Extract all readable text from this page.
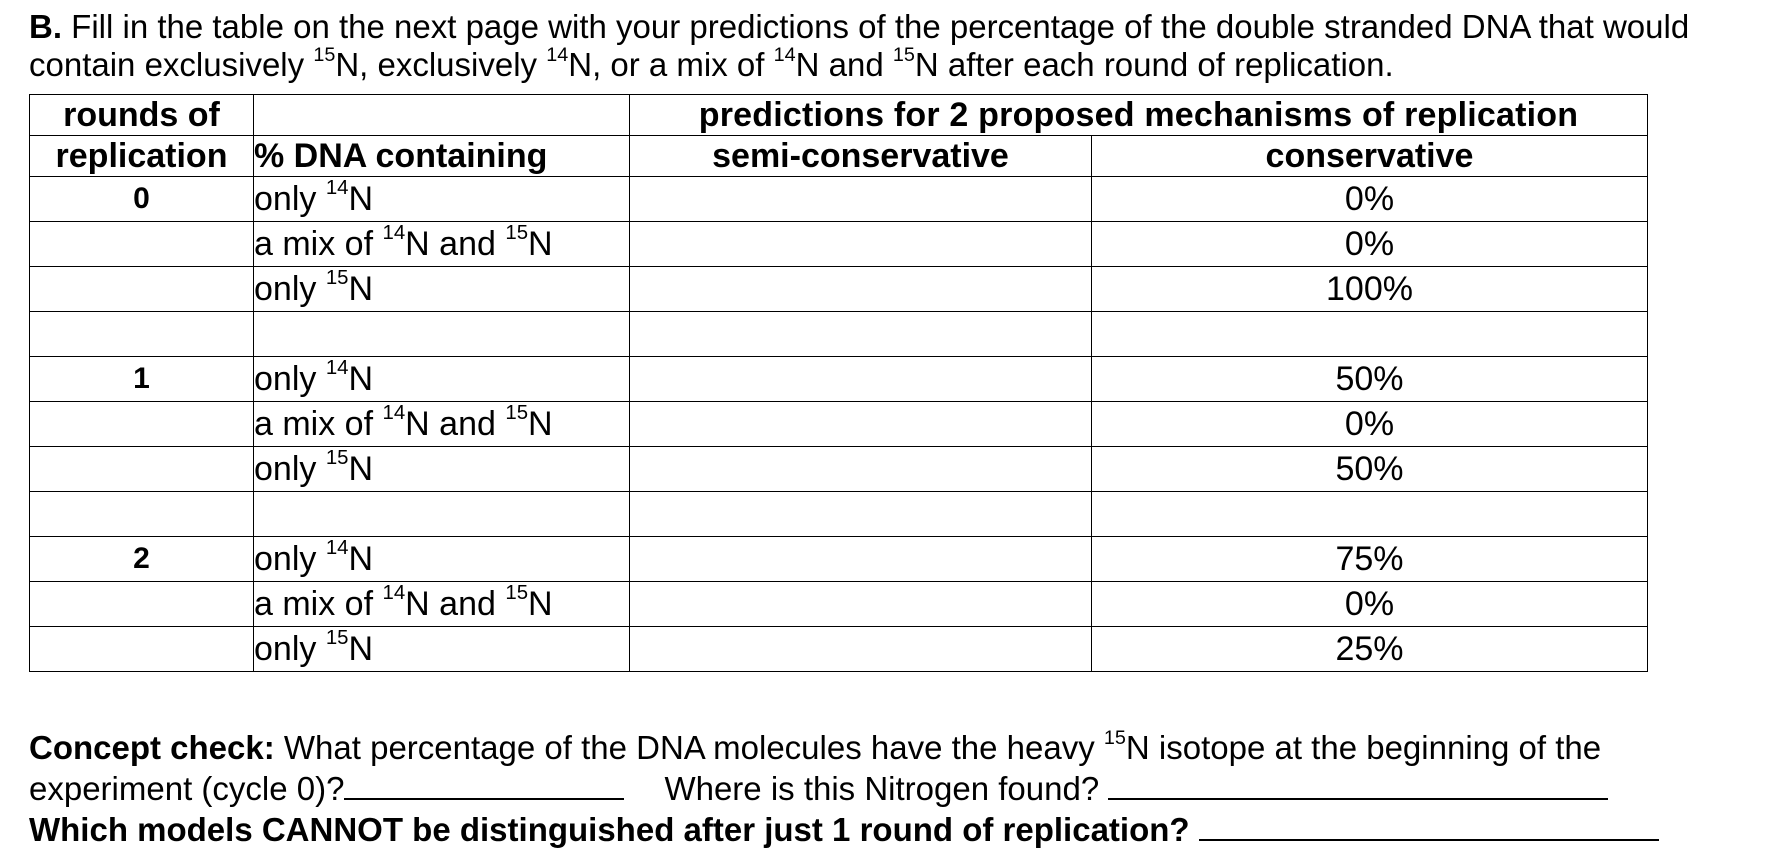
B. Fill in the table on the next page with your predictions of the percentage of the double stranded DNA that would contain exclusively $^{15}$N, exclusively $^{14}$N, or a mix of $^{14}$N and $^{15}$N after each round of replication.

rounds of		predictions for 2 proposed mechanisms of replication	
replication	% DNA containing	semi-conservative	conservative
0	only $^{14}$N		0%
	a mix of $^{14}$N and $^{15}$N		0%
	only $^{15}$N		100%

1	only $^{14}$N		50%
	a mix of $^{14}$N and $^{15}$N		0%
	only $^{15}$N		50%

2	only $^{14}$N		75%
	a mix of $^{14}$N and $^{15}$N		0%
	only $^{15}$N		25%
Concept check: What percentage of the DNA molecules have the heavy $^{15}$N isotope at the beginning of the experiment (cycle 0)?	Where is this Nitrogen found?
Which models CANNOT be distinguished after just 1 round of replication?
